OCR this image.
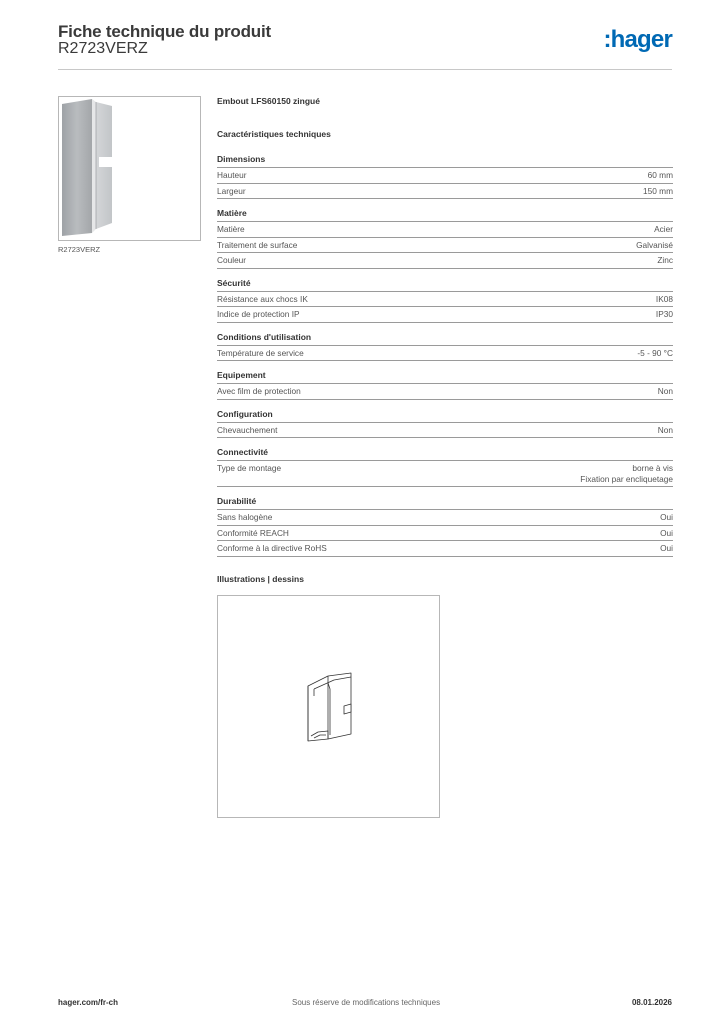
Fiche technique du produit
R2723VERZ	:hager
R2723VERZ
Embout LFS60150 zingué
Caractéristiques techniques
Dimensions
Hauteur	60 mm
Largeur	150 mm
Matière
Matière	Acier
Traitement de surface	Galvanisé
Couleur	Zinc
Sécurité
Résistance aux chocs IK	IK08
Indice de protection IP	IP30
Conditions d'utilisation
Température de service	-5 - 90 °C
Equipement
Avec film de protection	Non
Configuration
Chevauchement	Non
Connectivité
Type de montage	borne à vis
Fixation par encliquetage
Durabilité
Sans halogène	Oui
Conformité REACH	Oui
Conforme à la directive RoHS	Oui
Illustrations | dessins
hager.com/fr-ch	Sous réserve de modifications techniques	08.01.2026
